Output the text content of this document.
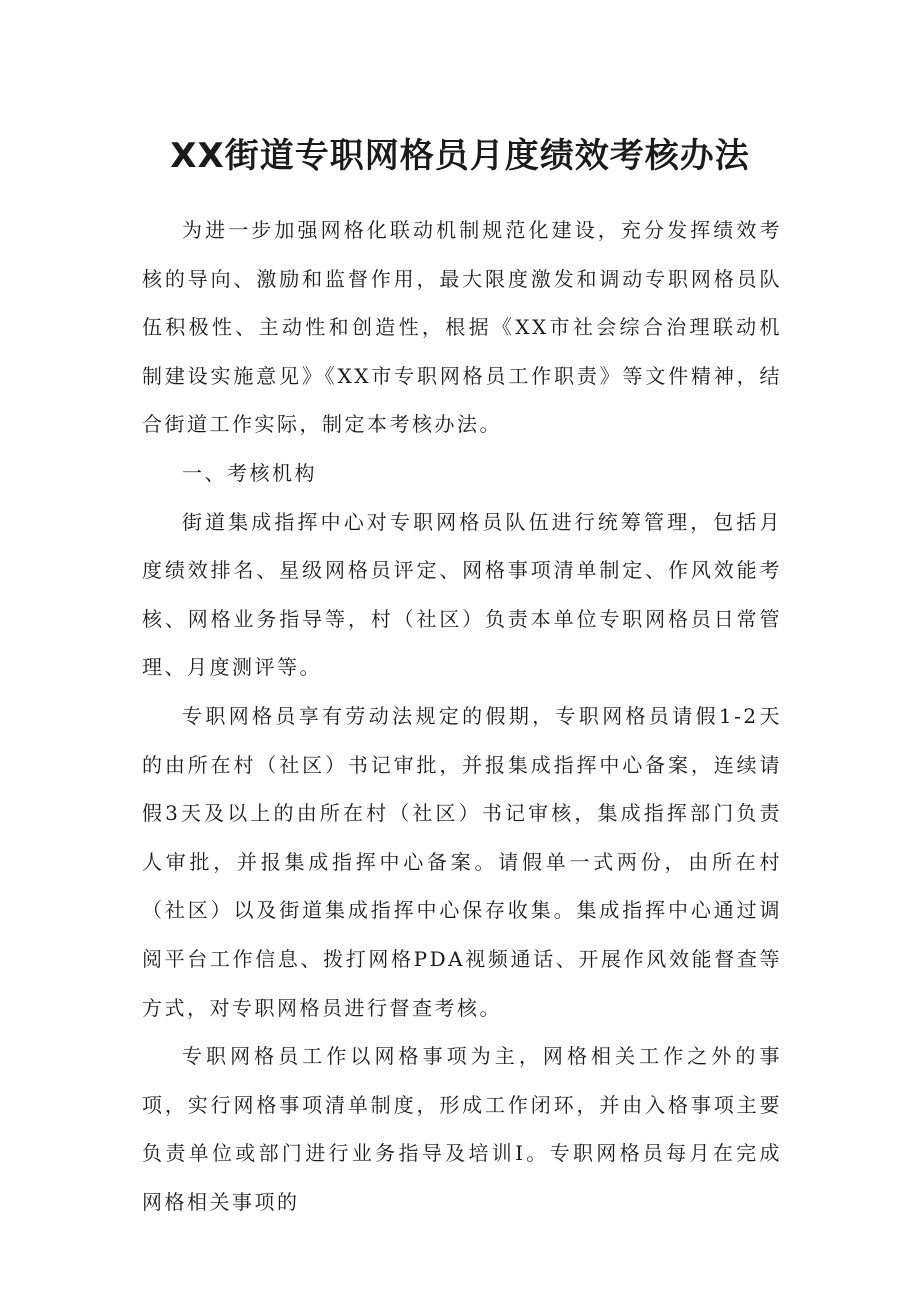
XX街道专职网格员月度绩效考核办法

为进一步加强网格化联动机制规范化建设，充分发挥绩效考核的导向、激励和监督作用，最大限度激发和调动专职网格员队伍积极性、主动性和创造性，根据《XX市社会综合治理联动机制建设实施意见》《XX市专职网格员工作职责》等文件精神，结合街道工作实际，制定本考核办法。

一、考核机构

街道集成指挥中心对专职网格员队伍进行统筹管理，包括月度绩效排名、星级网格员评定、网格事项清单制定、作风效能考核、网格业务指导等，村（社区）负责本单位专职网格员日常管理、月度测评等。

专职网格员享有劳动法规定的假期，专职网格员请假1-2天的由所在村（社区）书记审批，并报集成指挥中心备案，连续请假3天及以上的由所在村（社区）书记审核，集成指挥部门负责人审批，并报集成指挥中心备案。请假单一式两份，由所在村（社区）以及街道集成指挥中心保存收集。集成指挥中心通过调阅平台工作信息、拨打网格PDA视频通话、开展作风效能督查等方式，对专职网格员进行督查考核。

专职网格员工作以网格事项为主，网格相关工作之外的事项，实行网格事项清单制度，形成工作闭环，并由入格事项主要负责单位或部门进行业务指导及培训Ⅰ。专职网格员每月在完成网格相关事项的
